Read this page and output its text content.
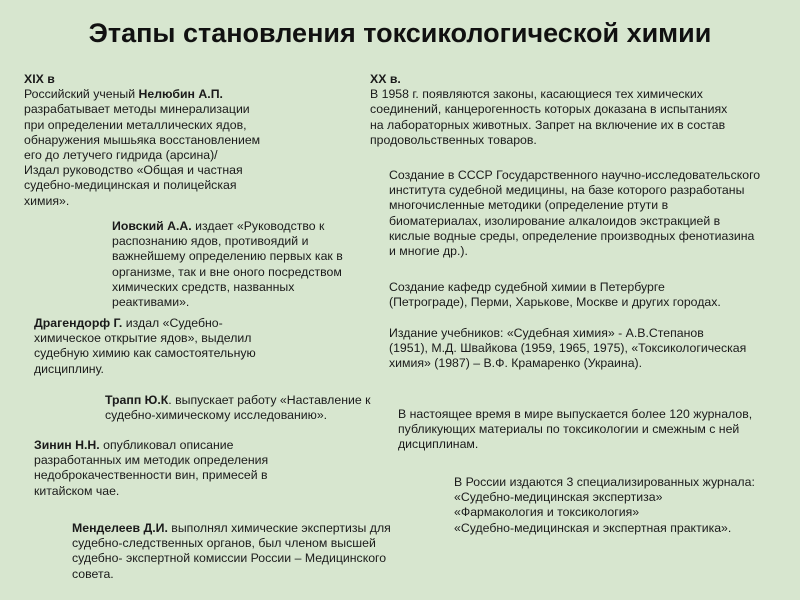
Этапы становления токсикологической химии
XIX в
Российский ученый Нелюбин А.П.
разрабатывает методы минерализации
при определении металлических ядов,
обнаружения мышьяка восстановлением
его до летучего гидрида (арсина)/
Издал руководство «Общая и частная
судебно-медицинская и полицейская
химия».
Иовский А.А. издает «Руководство к
распознанию ядов, противоядий и
важнейшему определению первых как в
организме, так и вне оного посредством
химических средств, названных
реактивами».
Драгендорф Г. издал «Судебно-
химическое открытие ядов», выделил
судебную химию как самостоятельную
дисциплину.
Трапп Ю.К. выпускает работу «Наставление к
судебно-химическому исследованию».
Зинин Н.Н. опубликовал описание
разработанных им методик определения
недоброкачественности вин, примесей в
китайском чае.
Менделеев Д.И. выполнял химические экспертизы для
судебно-следственных органов, был членом высшей
судебно- экспертной комиссии России – Медицинского
совета.
XX в.
В 1958 г. появляются законы, касающиеся тех химических
соединений, канцерогенность которых доказана в испытаниях
на лабораторных животных. Запрет на включение их в состав
продовольственных товаров.
Создание в СССР Государственного научно-исследовательского
института судебной медицины, на базе которого разработаны
многочисленные методики (определение ртути в
биоматериалах, изолирование алкалоидов экстракцией в
кислые водные среды, определение производных фенотиазина
и многие др.).
Создание кафедр судебной химии в Петербурге
(Петрограде), Перми, Харькове, Москве и других городах.
Издание учебников: «Судебная химия» - А.В.Степанов
(1951), М.Д. Швайкова (1959, 1965, 1975), «Токсикологическая
химия» (1987) – В.Ф. Крамаренко (Украина).
В настоящее время в мире выпускается более 120 журналов,
публикующих материалы по токсикологии и смежным с ней
дисциплинам.
В России издаются 3 специализированных журнала:
«Судебно-медицинская экспертиза»
«Фармакология и токсикология»
«Судебно-медицинская и экспертная практика».
